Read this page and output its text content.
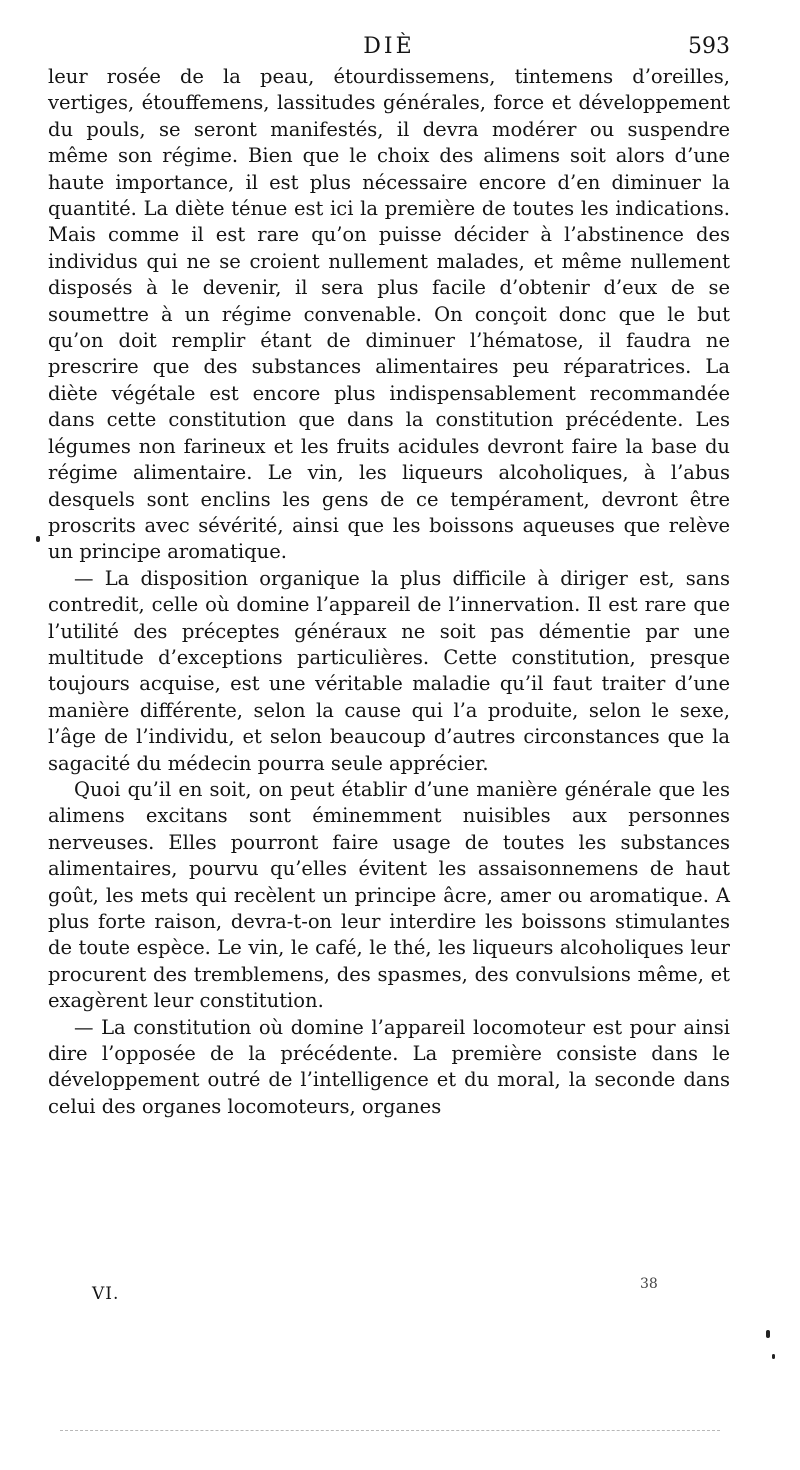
DIÈ	593

leur rosée de la peau, étourdissemens, tintemens d’oreilles, vertiges, étouffemens, lassitudes générales, force et développement du pouls, se seront manifestés, il devra modérer ou suspendre même son régime. Bien que le choix des alimens soit alors d’une haute importance, il est plus nécessaire encore d’en diminuer la quantité. La diète ténue est ici la première de toutes les indications. Mais comme il est rare qu’on puisse décider à l’abstinence des individus qui ne se croient nullement malades, et même nullement disposés à le devenir, il sera plus facile d’obtenir d’eux de se soumettre à un régime convenable. On conçoit donc que le but qu’on doit remplir étant de diminuer l’hématose, il faudra ne prescrire que des substances alimentaires peu réparatrices. La diète végétale est encore plus indispensablement recommandée dans cette constitution que dans la constitution précédente. Les légumes non farineux et les fruits acidules devront faire la base du régime alimentaire. Le vin, les liqueurs alcoholiques, à l’abus desquels sont enclins les gens de ce tempérament, devront être proscrits avec sévérité, ainsi que les boissons aqueuses que relève un principe aromatique.

— La disposition organique la plus difficile à diriger est, sans contredit, celle où domine l’appareil de l’innervation. Il est rare que l’utilité des préceptes généraux ne soit pas démentie par une multitude d’exceptions particulières. Cette constitution, presque toujours acquise, est une véritable maladie qu’il faut traiter d’une manière différente, selon la cause qui l’a produite, selon le sexe, l’âge de l’individu, et selon beaucoup d’autres circonstances que la sagacité du médecin pourra seule apprécier.

Quoi qu’il en soit, on peut établir d’une manière générale que les alimens excitans sont éminemment nuisibles aux personnes nerveuses. Elles pourront faire usage de toutes les substances alimentaires, pourvu qu’elles évitent les assaisonnemens de haut goût, les mets qui recèlent un principe âcre, amer ou aromatique. A plus forte raison, devra-t-on leur interdire les boissons stimulantes de toute espèce. Le vin, le café, le thé, les liqueurs alcoholiques leur procurent des tremblemens, des spasmes, des convulsions même, et exagèrent leur constitution.

— La constitution où domine l’appareil locomoteur est pour ainsi dire l’opposée de la précédente. La première consiste dans le développement outré de l’intelligence et du moral, la seconde dans celui des organes locomoteurs, organes

VI.	38
